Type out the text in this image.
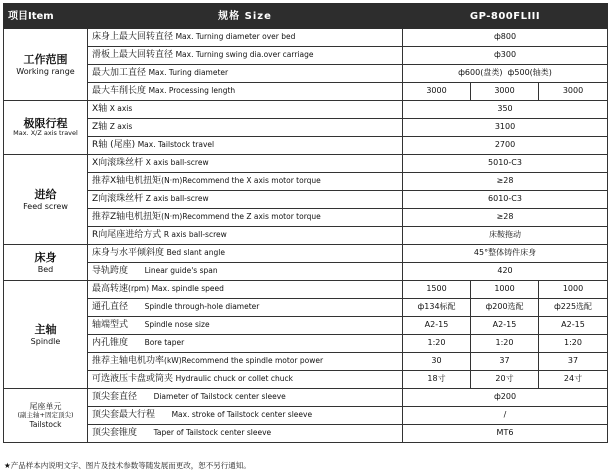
项目Item	规格 Size	GP-800FLIII		

工作范围
Working range	床身上最大回转直径 Max. Turning diameter over bed	ф800		
	滑板上最大回转直径 Max. Turning swing dia.over carriage	ф300		
	最大加工直径 Max. Turing diameter	ф600(盘类) ф500(轴类)		
	最大车削长度 Max. Processing length	3000	3000	3000

极限行程
Max. X/Z axis travel	X轴 X axis	350		
	Z轴 Z axis	3100		
	R轴 (尾座) Max. Tailstock travel	2700		

进给
Feed screw	X向滚珠丝杆 X axis ball-screw	5010-C3		
	推荐X轴电机扭矩(N·m)Recommend the X axis motor torque	≥28		
	Z向滚珠丝杆 Z axis ball-screw	6010-C3		
	推荐Z轴电机扭矩(N·m)Recommend the Z axis motor torque	≥28		
	R向尾座进给方式 R axis ball-screw	床鞍拖动		

床身
Bed	床身与水平倾斜度 Bed slant angle	45°整体铸件床身		
	导轨跨度 Linear guide's span	420		

主轴
Spindle	最高转速(rpm) Max. spindle speed	1500	1000	1000
	通孔直径 Spindle through-hole diameter	ф134标配	ф200选配	ф225选配
	轴端型式 Spindle nose size	A2-15	A2-15	A2-15
	内孔锥度 Bore taper	1:20	1:20	1:20
	推荐主轴电机功率(kW)Recommend the spindle motor power	30	37	37
	可选液压卡盘或筒夹 Hydraulic chuck or collet chuck	18寸	20寸	24寸

尾座单元
(副主轴+固定顶尖)
Tailstock	顶尖套直径 Diameter of Tailstock center sleeve	ф200		
	顶尖套最大行程 Max. stroke of Tailstock center sleeve	/		
	顶尖套锥度 Taper of Tailstock center sleeve	MT6		
★产品样本内说明文字、图片及技术参数等随发展而更改，恕不另行通知。
